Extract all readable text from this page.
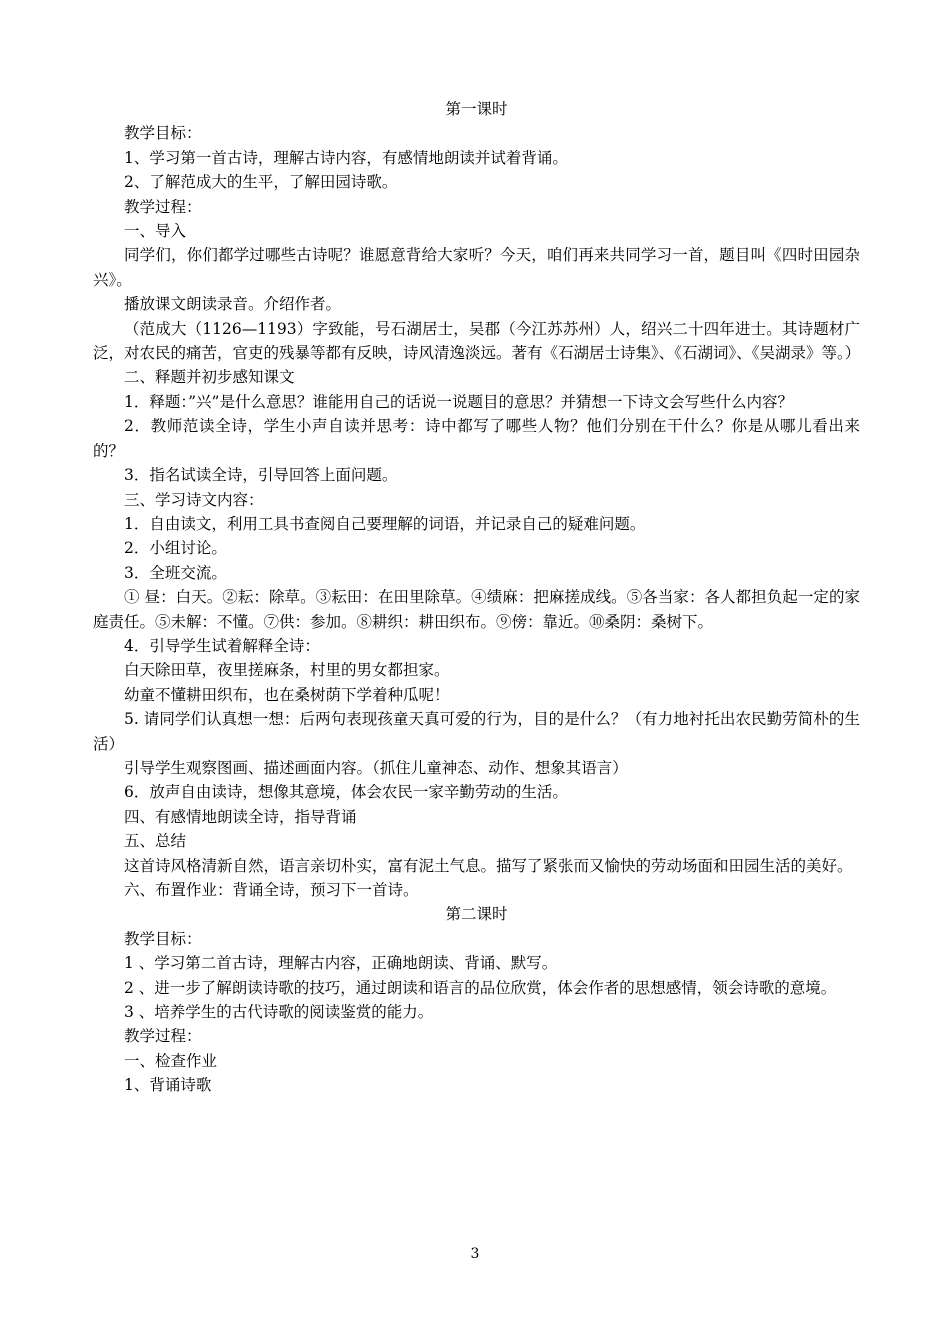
第一课时

教学目标：

1、学习第一首古诗，理解古诗内容，有感情地朗读并试着背诵。

2、了解范成大的生平，了解田园诗歌。

教学过程：

一、导入

同学们，你们都学过哪些古诗呢？谁愿意背给大家听？今天，咱们再来共同学习一首，题目叫《四时田园杂兴》。

播放课文朗读录音。介绍作者。

（范成大（1126—1193）字致能，号石湖居士，吴郡（今江苏苏州）人，绍兴二十四年进士。其诗题材广泛，对农民的痛苦，官吏的残暴等都有反映，诗风清逸淡远。著有《石湖居士诗集》、《石湖词》、《吴湖录》等。）

二、释题并初步感知课文

1．释题：”兴”是什么意思？谁能用自己的话说一说题目的意思？并猜想一下诗文会写些什么内容？

2．教师范读全诗，学生小声自读并思考：诗中都写了哪些人物？他们分别在干什么？你是从哪儿看出来的？

3．指名试读全诗，引导回答上面问题。

三、学习诗文内容：

1．自由读文，利用工具书查阅自己要理解的词语，并记录自己的疑难问题。

2．小组讨论。

3．全班交流。

① 昼：白天。②耘：除草。③耘田：在田里除草。④绩麻：把麻搓成线。⑤各当家：各人都担负起一定的家庭责任。⑤未解：不懂。⑦供：参加。⑧耕织：耕田织布。⑨傍：靠近。⑩桑阴：桑树下。

4．引导学生试着解释全诗：

白天除田草，夜里搓麻条，村里的男女都担家。

幼童不懂耕田织布，也在桑树荫下学着种瓜呢！

5. 请同学们认真想一想：后两句表现孩童天真可爱的行为，目的是什么？（有力地衬托出农民勤劳简朴的生活）

引导学生观察图画、描述画面内容。（抓住儿童神态、动作、想象其语言）

6．放声自由读诗，想像其意境，体会农民一家辛勤劳动的生活。

四、有感情地朗读全诗，指导背诵

五、总结

这首诗风格清新自然，语言亲切朴实，富有泥土气息。描写了紧张而又愉快的劳动场面和田园生活的美好。

六、布置作业：背诵全诗，预习下一首诗。

第二课时

教学目标：

1 、学习第二首古诗，理解古内容，正确地朗读、背诵、默写。

2 、进一步了解朗读诗歌的技巧，通过朗读和语言的品位欣赏，体会作者的思想感情，领会诗歌的意境。

3 、培养学生的古代诗歌的阅读鉴赏的能力。

教学过程：

一、检查作业

1、背诵诗歌

3
